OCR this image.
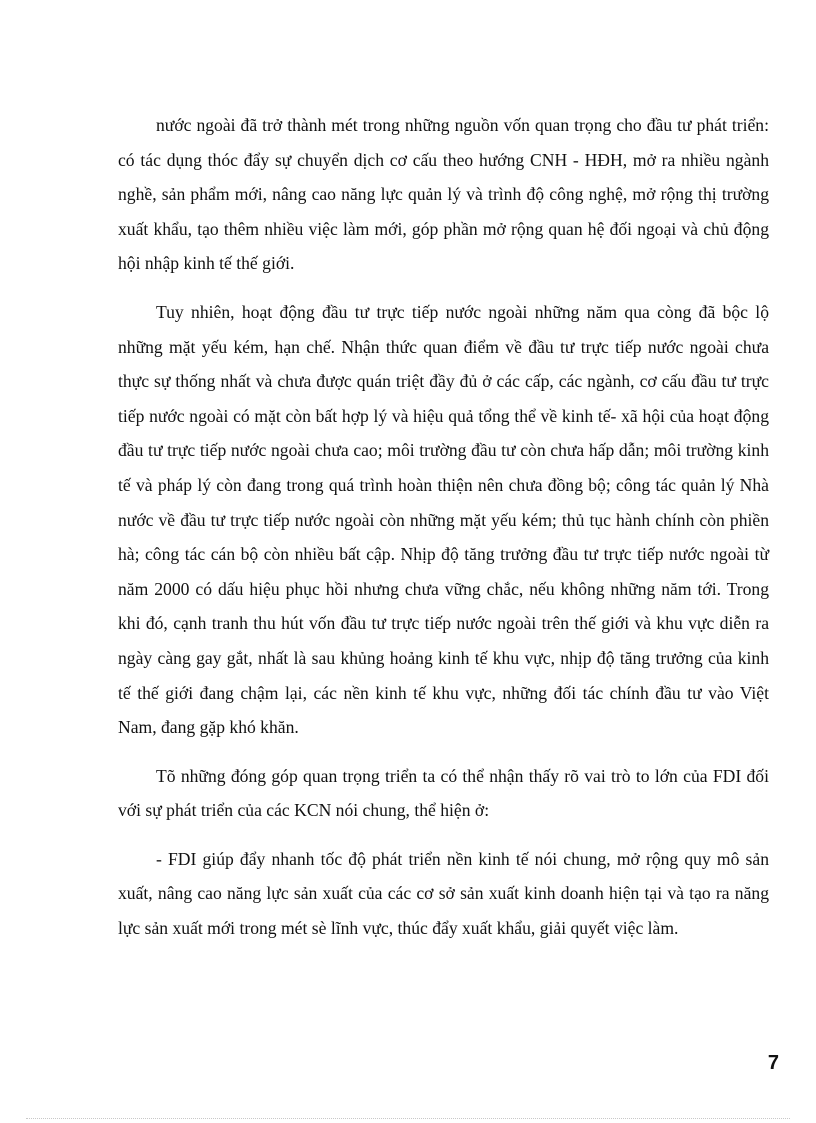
nước ngoài đã trở thành mét trong những nguồn vốn quan trọng cho đầu tư phát triển: có tác dụng thóc đẩy sự chuyển dịch cơ cấu theo hướng CNH - HĐH, mở ra nhiều ngành nghề, sản phẩm mới, nâng cao năng lực quản lý và trình độ công nghệ, mở rộng thị trường xuất khẩu, tạo thêm nhiều việc làm mới, góp phần mở rộng quan hệ đối ngoại và chủ động hội nhập kinh tế thế giới.

Tuy nhiên, hoạt động đầu tư trực tiếp nước ngoài những năm qua còng đã bộc lộ những mặt yếu kém, hạn chế. Nhận thức quan điểm về đầu tư trực tiếp nước ngoài chưa thực sự thống nhất và chưa được quán triệt đầy đủ ở các cấp, các ngành, cơ cấu đầu tư trực tiếp nước ngoài có mặt còn bất hợp lý và hiệu quả tổng thể về kinh tế- xã hội của hoạt động đầu tư trực tiếp nước ngoài chưa cao; môi trường đầu tư còn chưa hấp dẫn; môi trường kinh tế và pháp lý còn đang trong quá trình hoàn thiện nên chưa đồng bộ; công tác quản lý Nhà nước về đầu tư trực tiếp nước ngoài còn những mặt yếu kém; thủ tục hành chính còn phiền hà; công tác cán bộ còn nhiều bất cập. Nhịp độ tăng trưởng đầu tư trực tiếp nước ngoài từ năm 2000 có dấu hiệu phục hồi nhưng chưa vững chắc, nếu không những năm tới. Trong khi đó, cạnh tranh thu hút vốn đầu tư trực tiếp nước ngoài trên thế giới và khu vực diễn ra ngày càng gay gắt, nhất là sau khủng hoảng kinh tế khu vực, nhịp độ tăng trưởng của kinh tế thế giới đang chậm lại, các nền kinh tế khu vực, những đối tác chính đầu tư vào Việt Nam, đang gặp khó khăn.

Tõ những đóng góp quan trọng triển ta có thể nhận thấy rõ vai trò to lớn của FDI đối với sự phát triển của các KCN nói chung, thể hiện ở:

- FDI giúp đẩy nhanh tốc độ phát triển nền kinh tế nói chung, mở rộng quy mô sản xuất, nâng cao năng lực sản xuất của các cơ sở sản xuất kinh doanh hiện tại và tạo ra năng lực sản xuất mới trong mét sè lĩnh vực, thúc đẩy xuất khẩu, giải quyết việc làm.

7
